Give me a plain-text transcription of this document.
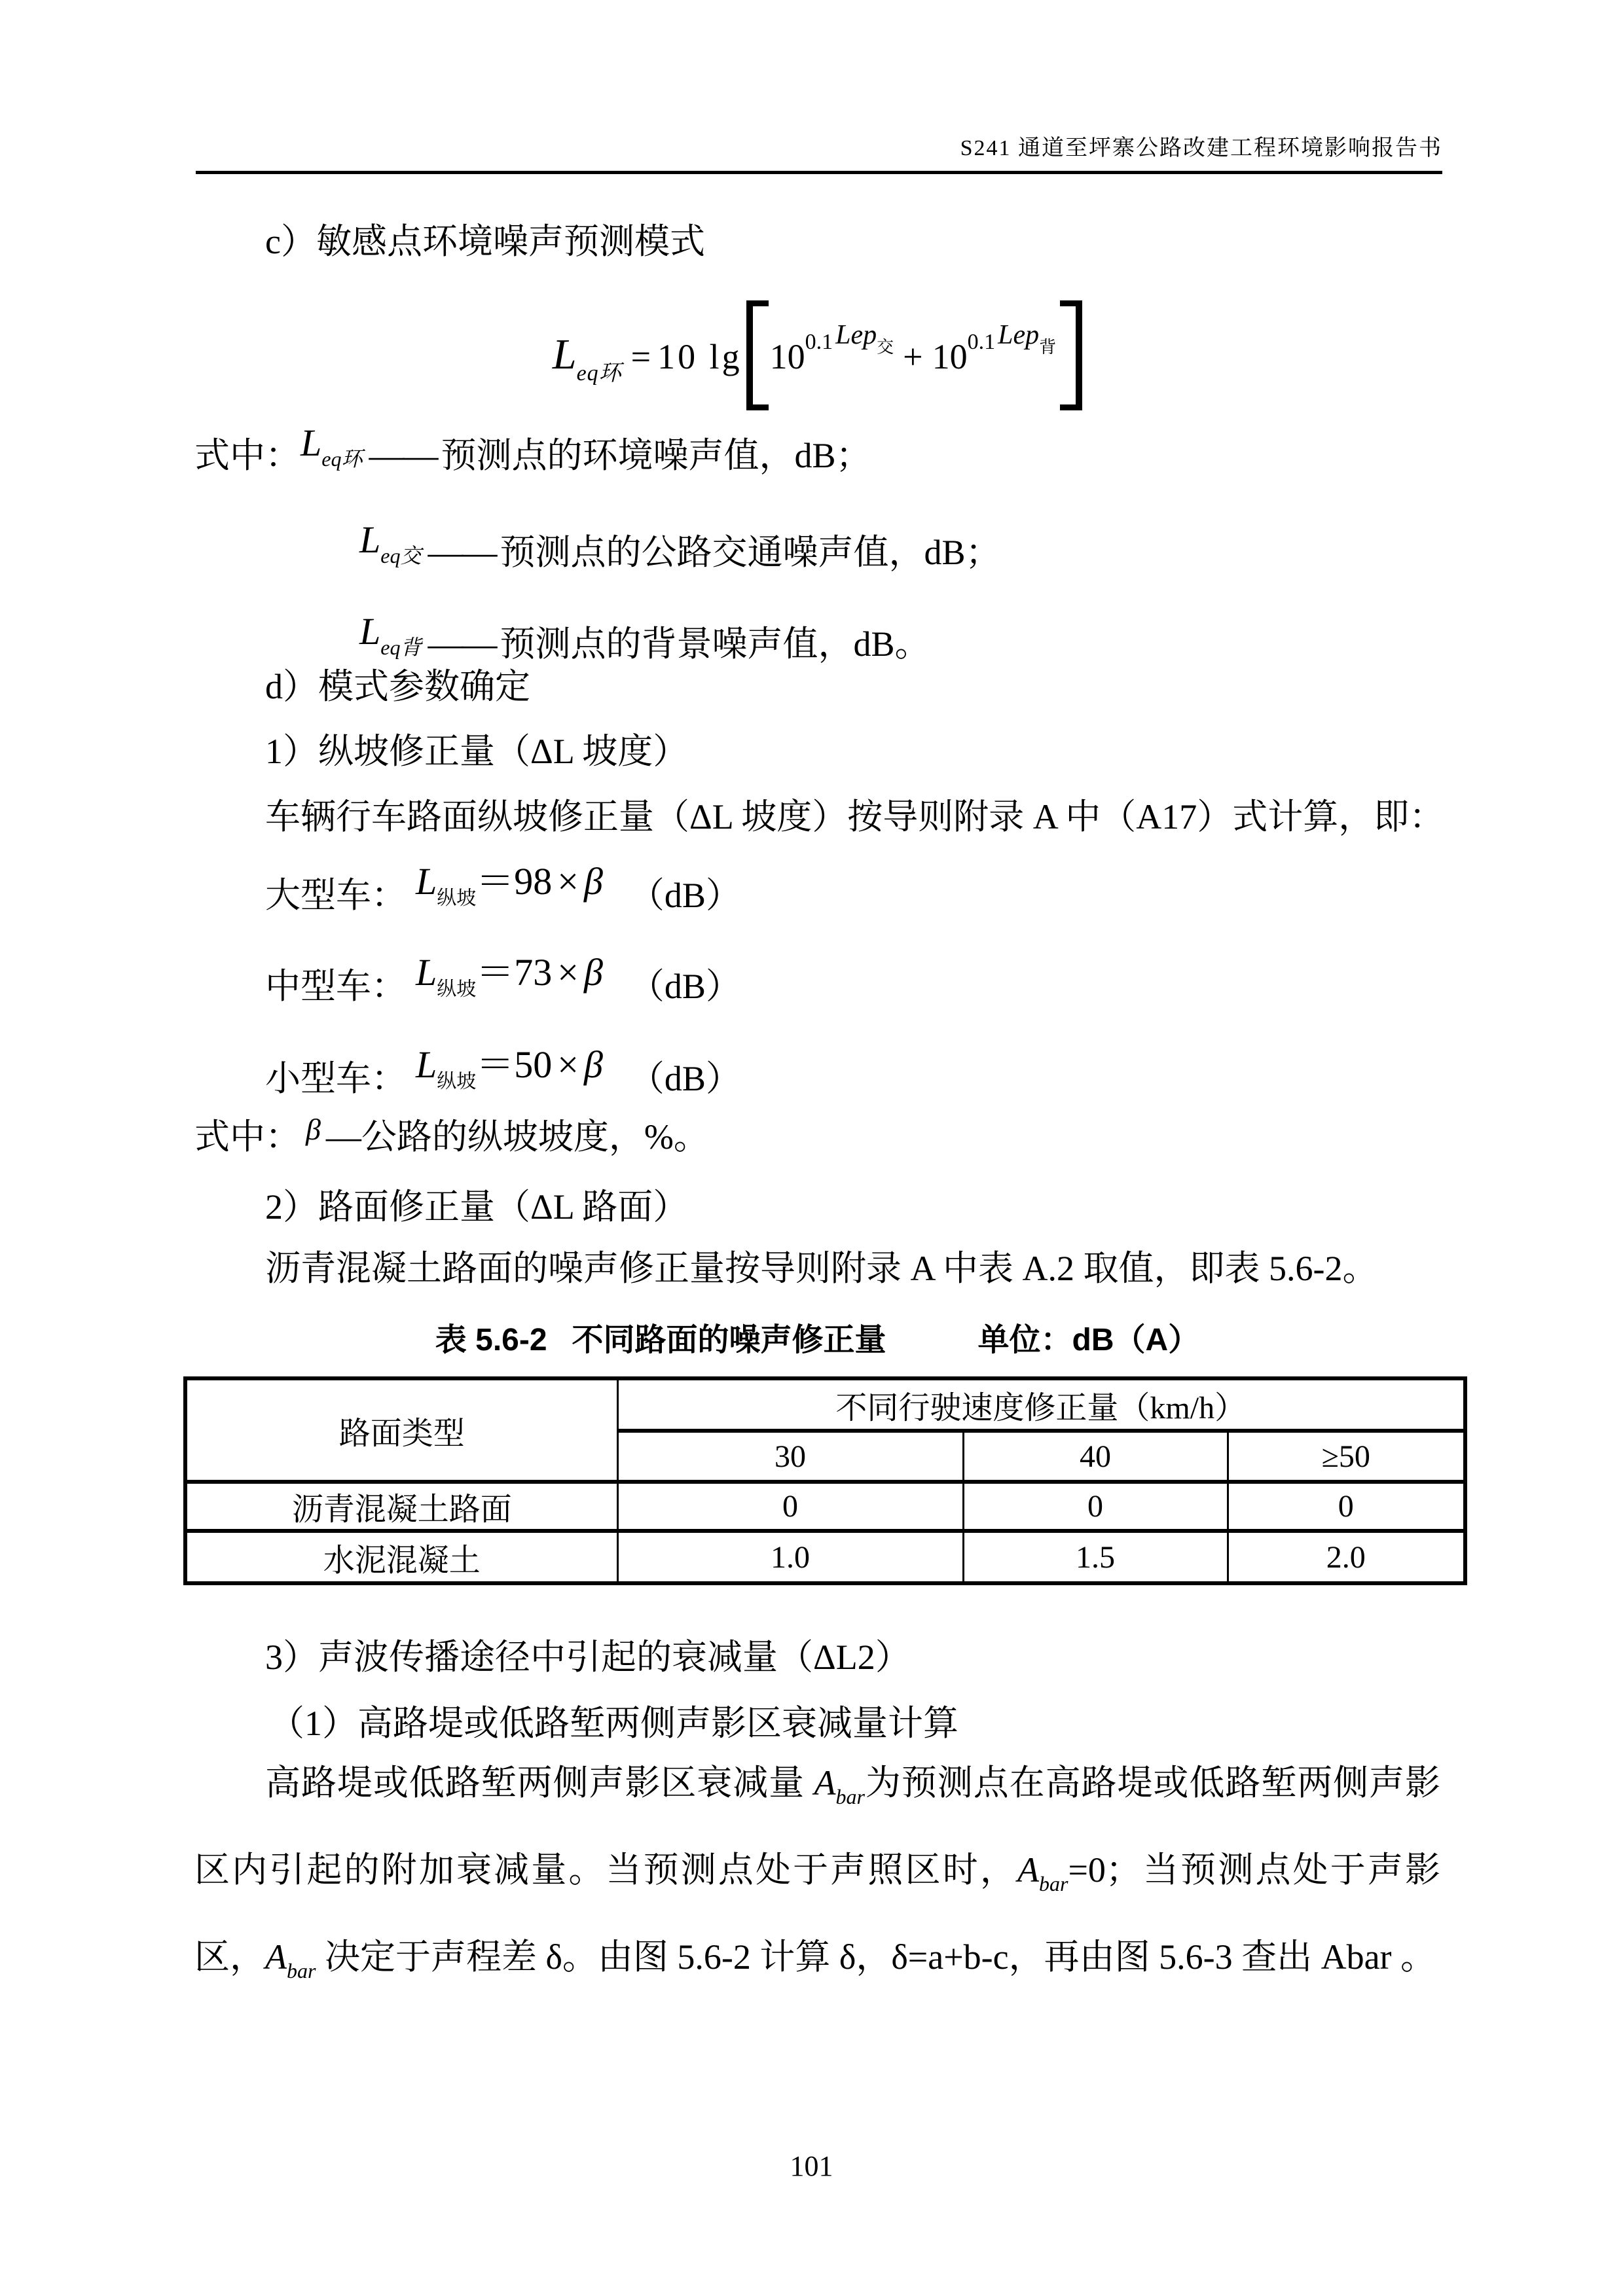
S241 通道至坪寨公路改建工程环境影响报告书
c）敏感点环境噪声预测模式
$L_{eq环} = 10$ lg 100.1Lep交 + 100.1Lep背
式中：$L_{eq环}$ —— 预测点的环境噪声值，dB；
$L_{eq交}$ —— 预测点的公路交通噪声值，dB；
$L_{eq背}$ —— 预测点的背景噪声值，dB。
d）模式参数确定
1）纵坡修正量（ΔL 坡度）
车辆行车路面纵坡修正量（ΔL 坡度）按导则附录 A 中（A17）式计算，即：
大型车： $L_{纵坡}=98 \times \beta$ （dB）
中型车： $L_{纵坡}=73 \times \beta$ （dB）
小型车： $L_{纵坡}=50 \times \beta$ （dB）
式中： β —公路的纵坡坡度，%。
2）路面修正量（ΔL 路面）
沥青混凝土路面的噪声修正量按导则附录 A 中表 A.2 取值，即表 5.6-2。
表 5.6-2 不同路面的噪声修正量	单位：dB（A）
路面类型	不同行驶速度修正量（km/h）		
	30	40	≥50
沥青混凝土路面	0	0	0
水泥混凝土	1.0	1.5	2.0
3）声波传播途径中引起的衰减量（ΔL2）
（1）高路堤或低路堑两侧声影区衰减量计算
高路堤或低路堑两侧声影区衰减量 $A_{bar}$为预测点在高路堤或低路堑两侧声影区内引起的附加衰减量。当预测点处于声照区时，$A_{bar}=0$；当预测点处于声影区，$A_{bar}$ 决定于声程差 δ。由图 5.6-2 计算 δ，δ=a+b-c，再由图 5.6-3 查出 Abar 。
101
